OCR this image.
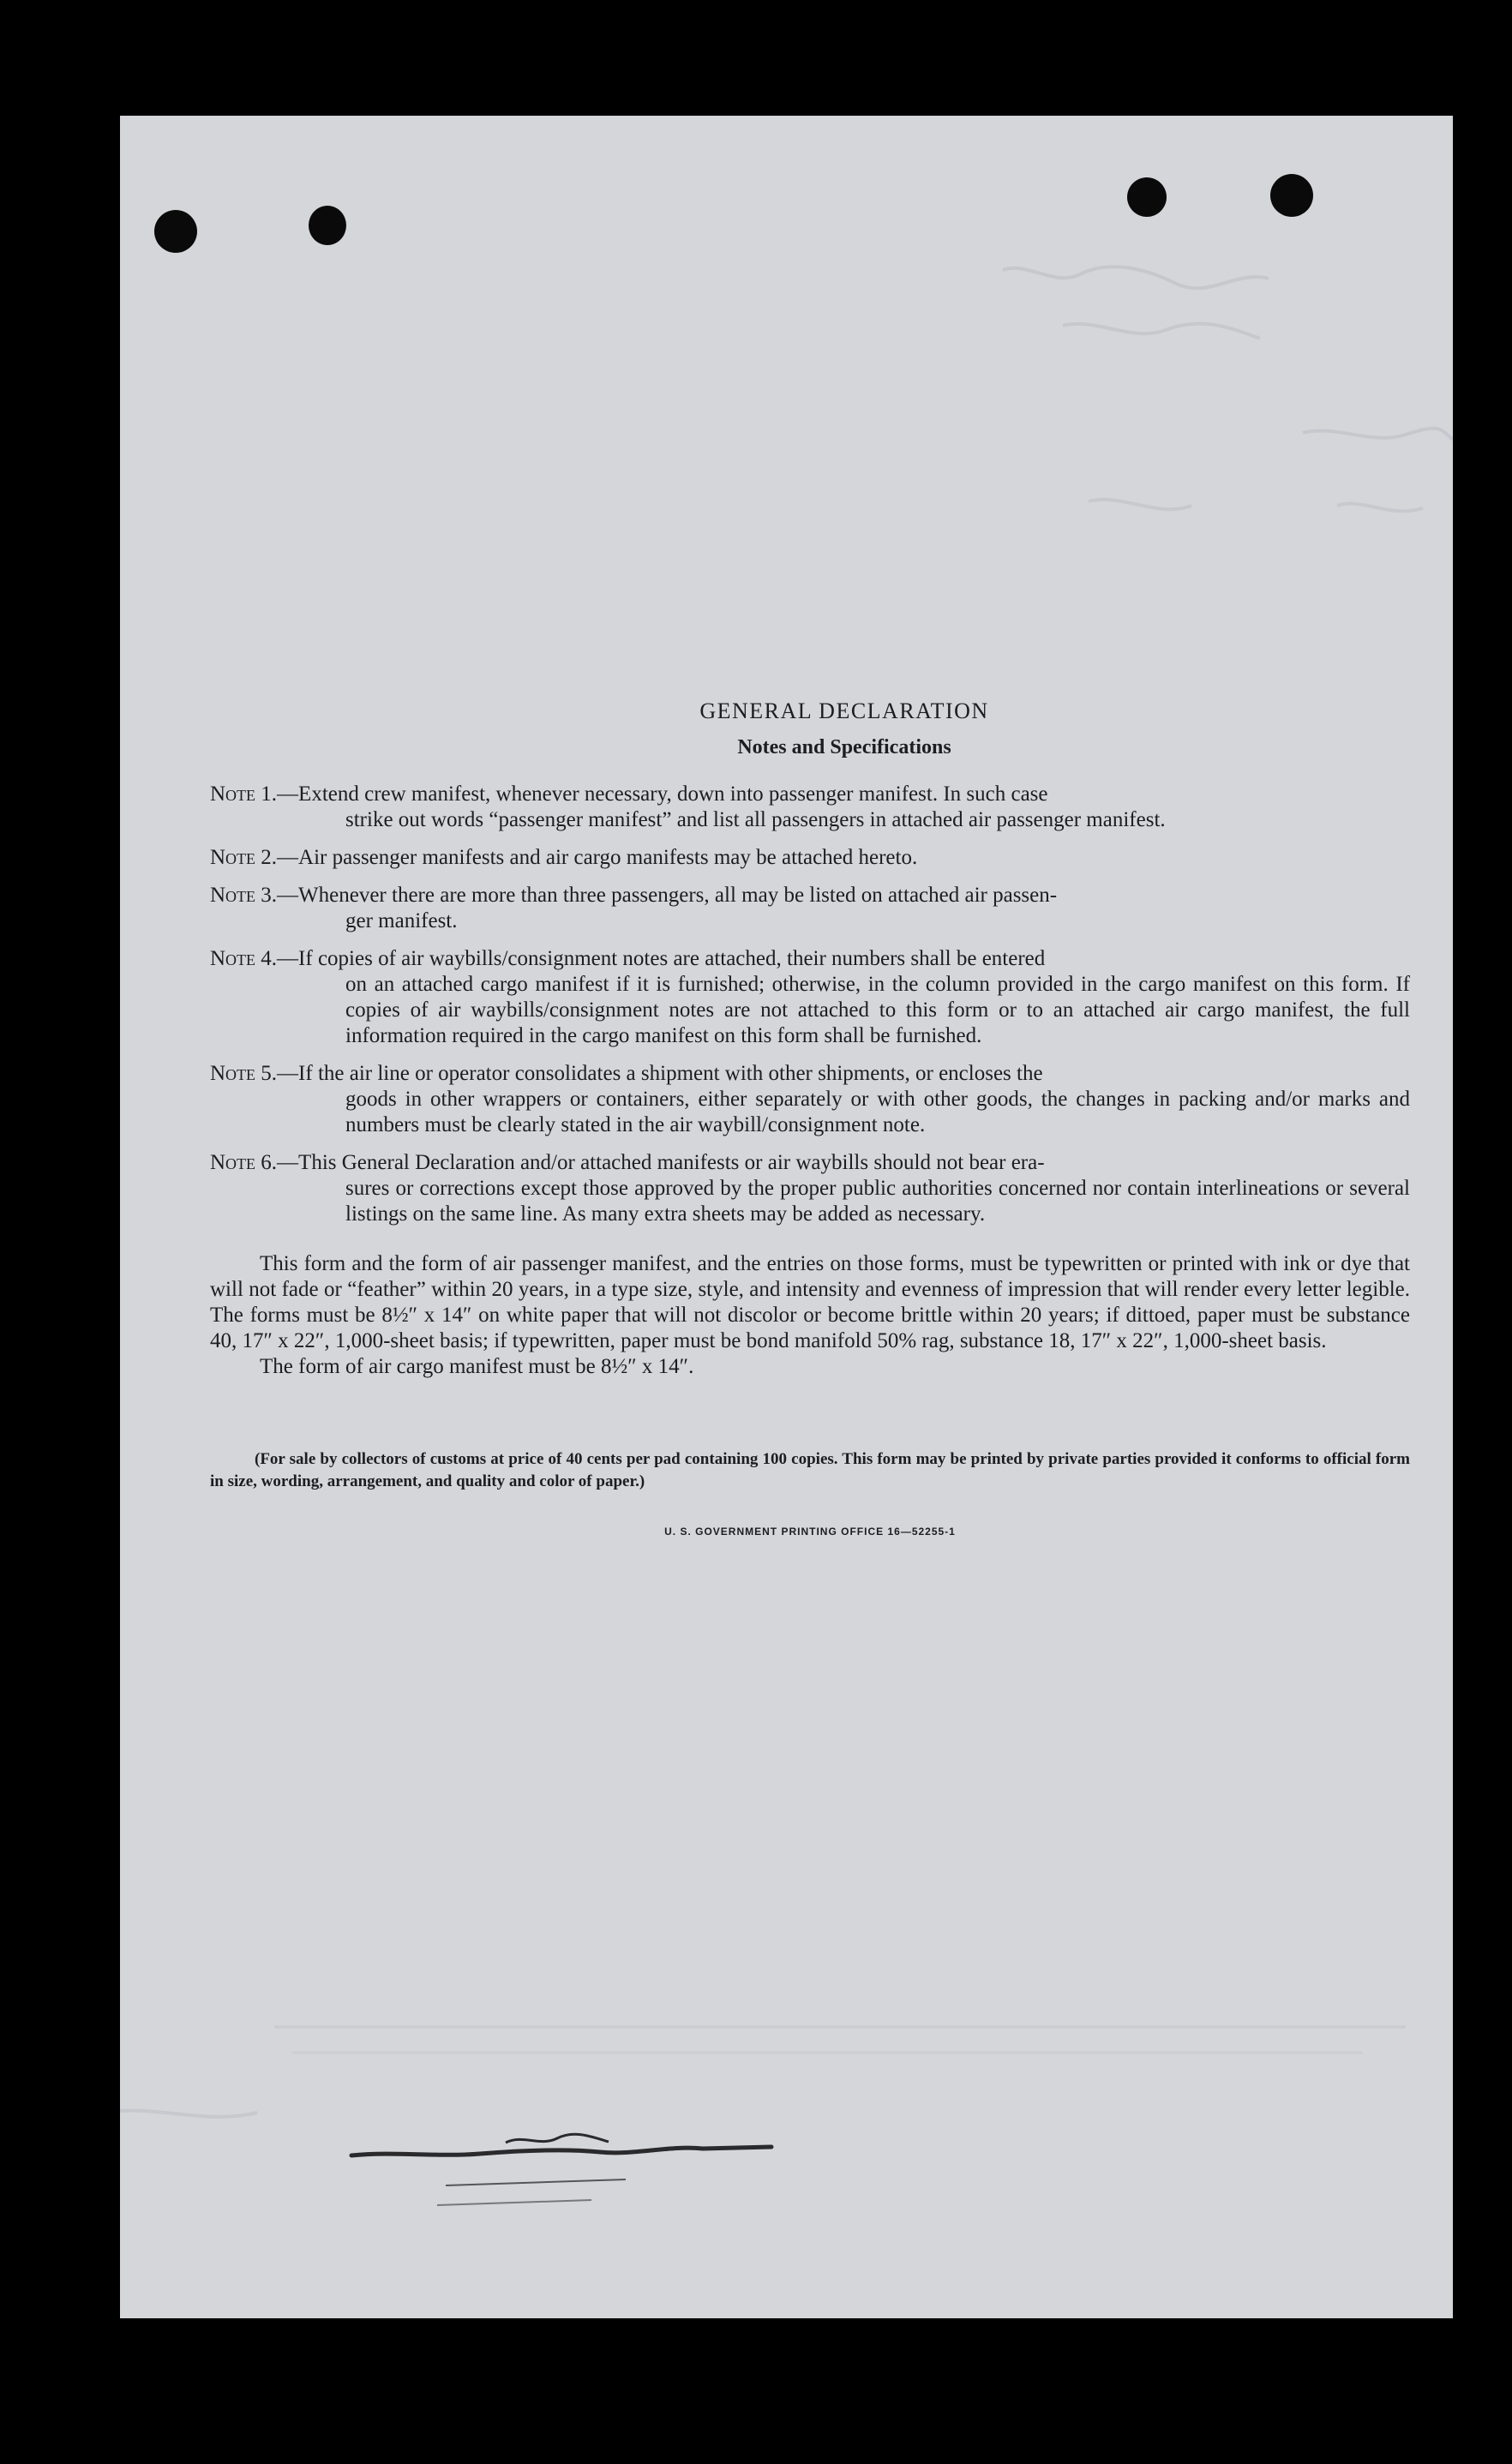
GENERAL DECLARATION
Notes and Specifications
Note 1.—Extend crew manifest, whenever necessary, down into passenger manifest. In such case
strike out words “passenger manifest” and list all passengers in attached air passenger manifest.
Note 2.—Air passenger manifests and air cargo manifests may be attached hereto.
Note 3.—Whenever there are more than three passengers, all may be listed on attached air passen-
ger manifest.
Note 4.—If copies of air waybills/consignment notes are attached, their numbers shall be entered
on an attached cargo manifest if it is furnished; otherwise, in the column provided in the cargo manifest on this form. If copies of air waybills/consignment notes are not attached to this form or to an attached air cargo manifest, the full information required in the cargo manifest on this form shall be furnished.
Note 5.—If the air line or operator consolidates a shipment with other shipments, or encloses the
goods in other wrappers or containers, either separately or with other goods, the changes in packing and/or marks and numbers must be clearly stated in the air waybill/consignment note.
Note 6.—This General Declaration and/or attached manifests or air waybills should not bear era-
sures or corrections except those approved by the proper public authorities concerned nor contain interlineations or several listings on the same line. As many extra sheets may be added as necessary.

This form and the form of air passenger manifest, and the entries on those forms, must be typewritten or printed with ink or dye that will not fade or “feather” within 20 years, in a type size, style, and intensity and evenness of impression that will render every letter legible. The forms must be 8½″ x 14″ on white paper that will not discolor or become brittle within 20 years; if dittoed, paper must be substance 40, 17″ x 22″, 1,000-sheet basis; if typewritten, paper must be bond manifold 50% rag, substance 18, 17″ x 22″, 1,000-sheet basis.

The form of air cargo manifest must be 8½″ x 14″.

(For sale by collectors of customs at price of 40 cents per pad containing 100 copies. This form may be printed by private parties provided it conforms to official form in size, wording, arrangement, and quality and color of paper.)

U. S. GOVERNMENT PRINTING OFFICE 16—52255-1
